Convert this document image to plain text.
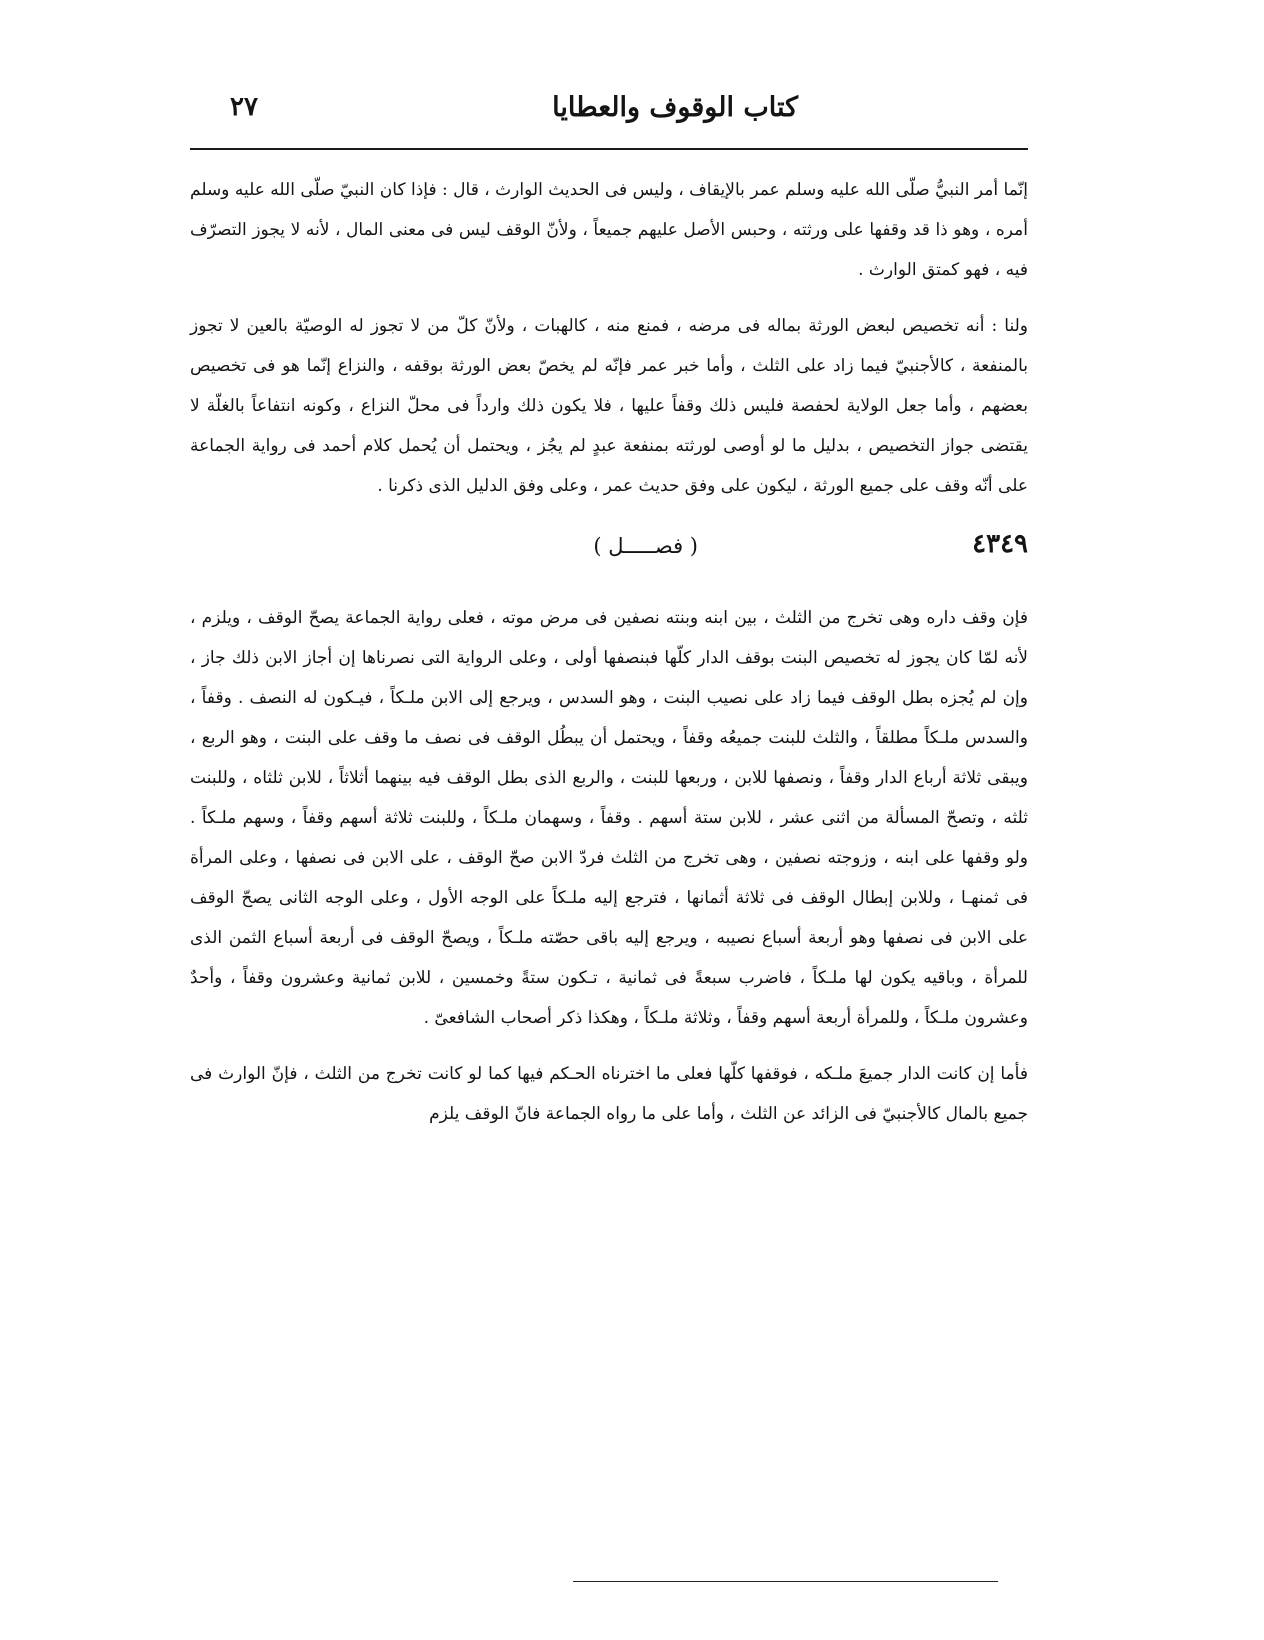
كتاب الوقوف والعطايا
٢٧

إنّما أمر النبيُّ صلّى الله عليه وسلم عمر بالإيقاف ، وليس فى الحديث الوارث ، قال : فإذا كان النبيّ صلّى الله عليه وسلم أمره ، وهو ذا قد وقفها على ورثته ، وحبس الأصل عليهم جميعاً ، ولأنّ الوقف ليس فى معنى المال ، لأنه لا يجوز التصرّف فيه ، فهو كمتق الوارث .

ولنا : أنه تخصيص لبعض الورثة بماله فى مرضه ، فمنع منه ، كالهبات ، ولأنّ كلّ من لا تجوز له الوصيّة بالعين لا تجوز بالمنفعة ، كالأجنبيّ فيما زاد على الثلث ، وأما خبر عمر فإنّه لم يخصّ بعض الورثة بوقفه ، والنزاع إنّما هو فى تخصيص بعضهم ، وأما جعل الولاية لحفصة فليس ذلك وقفاً عليها ، فلا يكون ذلك وارداً فى محلّ النزاع ، وكونه انتفاعاً بالغلّة لا يقتضى جواز التخصيص ، بدليل ما لو أوصى لورثته بمنفعة عبدٍ لم يجُز ، ويحتمل أن يُحمل كلام أحمد فى رواية الجماعة على أنّه وقف على جميع الورثة ، ليكون على وفق حديث عمر ، وعلى وفق الدليل الذى ذكرنا .

٤٣٤٩
( فصـــــل )

فإن وقف داره وهى تخرج من الثلث ، بين ابنه وبنته نصفين فى مرض موته ، فعلى رواية الجماعة يصحّ الوقف ، ويلزم ، لأنه لمّا كان يجوز له تخصيص البنت بوقف الدار كلّها فبنصفها أولى ، وعلى الرواية التى نصرناها إن أجاز الابن ذلك جاز ، وإن لم يُجزه بطل الوقف فيما زاد على نصيب البنت ، وهو السدس ، ويرجع إلى الابن ملـكاً ، فيـكون له النصف . وقفاً ، والسدس ملـكاً مطلقاً ، والثلث للبنت جميعُه وقفاً ، ويحتمل أن يبطُل الوقف فى نصف ما وقف على البنت ، وهو الربع ، ويبقى ثلاثة أرباع الدار وقفاً ، ونصفها للابن ، وربعها للبنت ، والربع الذى بطل الوقف فيه بينهما أثلاثاً ، للابن ثلثاه ، وللبنت ثلثه ، وتصحّ المسألة من اثنى عشر ، للابن ستة أسهم . وقفاً ، وسهمان ملـكاً ، وللبنت ثلاثة أسهم وقفاً ، وسهم ملـكاً . ولو وقفها على ابنه ، وزوجته نصفين ، وهى تخرج من الثلث فردّ الابن صحّ الوقف ، على الابن فى نصفها ، وعلى المرأة فى ثمنهـا ، وللابن إبطال الوقف فى ثلاثة أثمانها ، فترجع إليه ملـكاً على الوجه الأول ، وعلى الوجه الثانى يصحّ الوقف على الابن فى نصفها وهو أربعة أسباع نصيبه ، ويرجع إليه باقى حصّته ملـكاً ، ويصحّ الوقف فى أربعة أسباع الثمن الذى للمرأة ، وباقيه يكون لها ملـكاً ، فاضرب سبعةً فى ثمانية ، تـكون ستةً وخمسين ، للابن ثمانية وعشرون وقفاً ، وأحدٌ وعشرون ملـكاً ، وللمرأة أربعة أسهم وقفاً ، وثلاثة ملـكاً ، وهكذا ذكر أصحاب الشافعىّ .

فأما إن كانت الدار جميعَ ملـكه ، فوقفها كلّها فعلى ما اخترناه الحـكم فيها كما لو كانت تخرج من الثلث ، فإنّ الوارث فى جميع بالمال كالأجنبيّ فى الزائد عن الثلث ، وأما على ما رواه الجماعة فانّ الوقف يلزم
